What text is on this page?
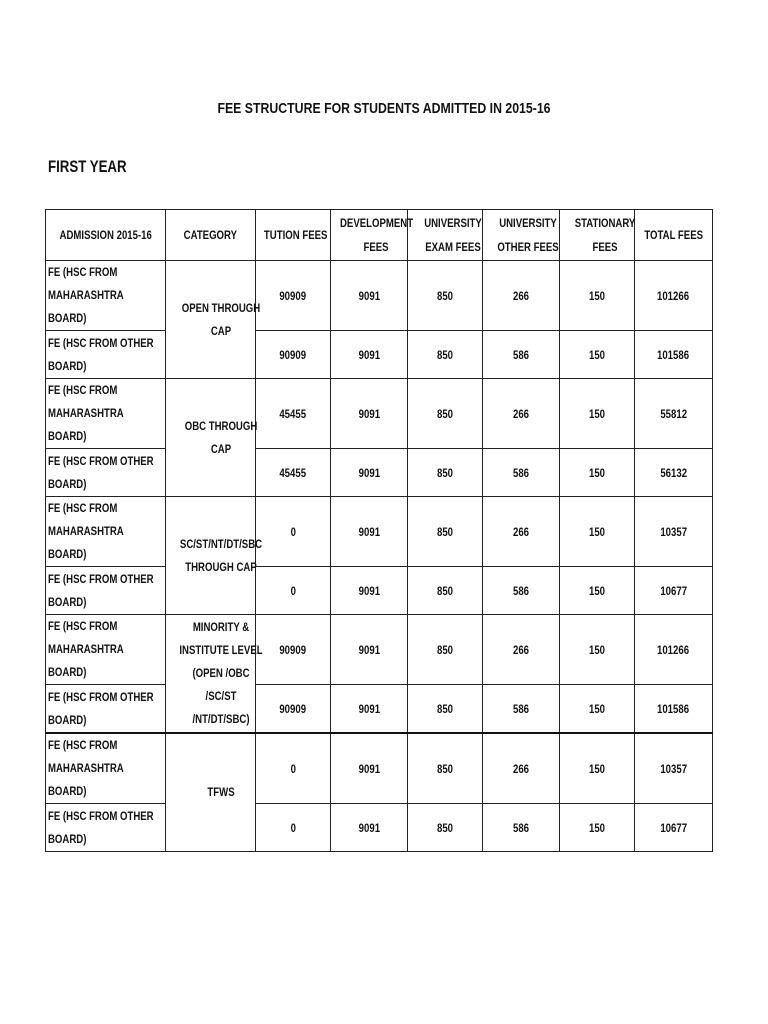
FEE STRUCTURE FOR STUDENTS ADMITTED IN 2015-16
FIRST YEAR
ADMISSION 2015-16	CATEGORY	TUTION FEES	DEVELOPMENT FEES	UNIVERSITY EXAM FEES	UNIVERSITY OTHER FEES	STATIONARY FEES	TOTAL FEES
FE (HSC FROM MAHARASHTRA BOARD)	OPEN THROUGH CAP	90909	9091	850	266	150	101266
FE (HSC FROM OTHER BOARD)		90909	9091	850	586	150	101586
FE (HSC FROM MAHARASHTRA BOARD)	OBC THROUGH CAP	45455	9091	850	266	150	55812
FE (HSC FROM OTHER BOARD)		45455	9091	850	586	150	56132
FE (HSC FROM MAHARASHTRA BOARD)	SC/ST/NT/DT/SBC THROUGH CAP	0	9091	850	266	150	10357
FE (HSC FROM OTHER BOARD)		0	9091	850	586	150	10677
FE (HSC FROM MAHARASHTRA BOARD)	MINORITY & INSTITUTE LEVEL (OPEN /OBC /SC/ST /NT/DT/SBC)	90909	9091	850	266	150	101266
FE (HSC FROM OTHER BOARD)		90909	9091	850	586	150	101586
FE (HSC FROM MAHARASHTRA BOARD)	TFWS	0	9091	850	266	150	10357
FE (HSC FROM OTHER BOARD)		0	9091	850	586	150	10677
